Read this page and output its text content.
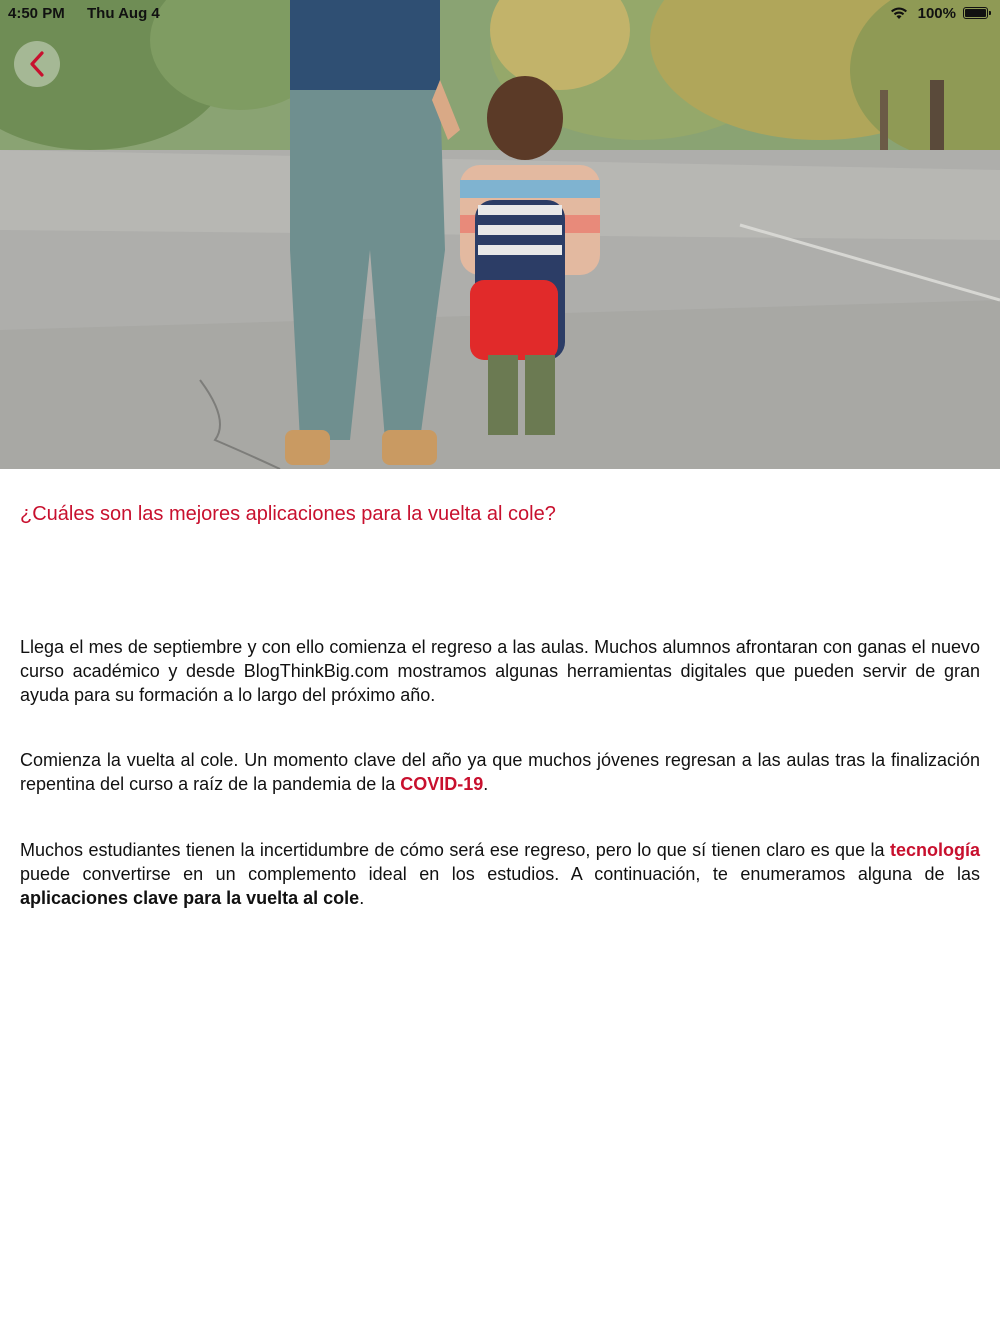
4:50 PM Thu Aug 4	100%
¿Cuáles son las mejores aplicaciones para la vuelta al cole?

Llega el mes de septiembre y con ello comienza el regreso a las aulas. Muchos alumnos afrontaran con ganas el nuevo curso académico y desde BlogThinkBig.com mostramos algunas herramientas digitales que pueden servir de gran ayuda para su formación a lo largo del próximo año.

Comienza la vuelta al cole. Un momento clave del año ya que muchos jóvenes regresan a las aulas tras la finalización repentina del curso a raíz de la pandemia de la COVID-19.

Muchos estudiantes tienen la incertidumbre de cómo será ese regreso, pero lo que sí tienen claro es que la tecnología puede convertirse en un complemento ideal en los estudios. A continuación, te enumeramos alguna de las aplicaciones clave para la vuelta al cole.
